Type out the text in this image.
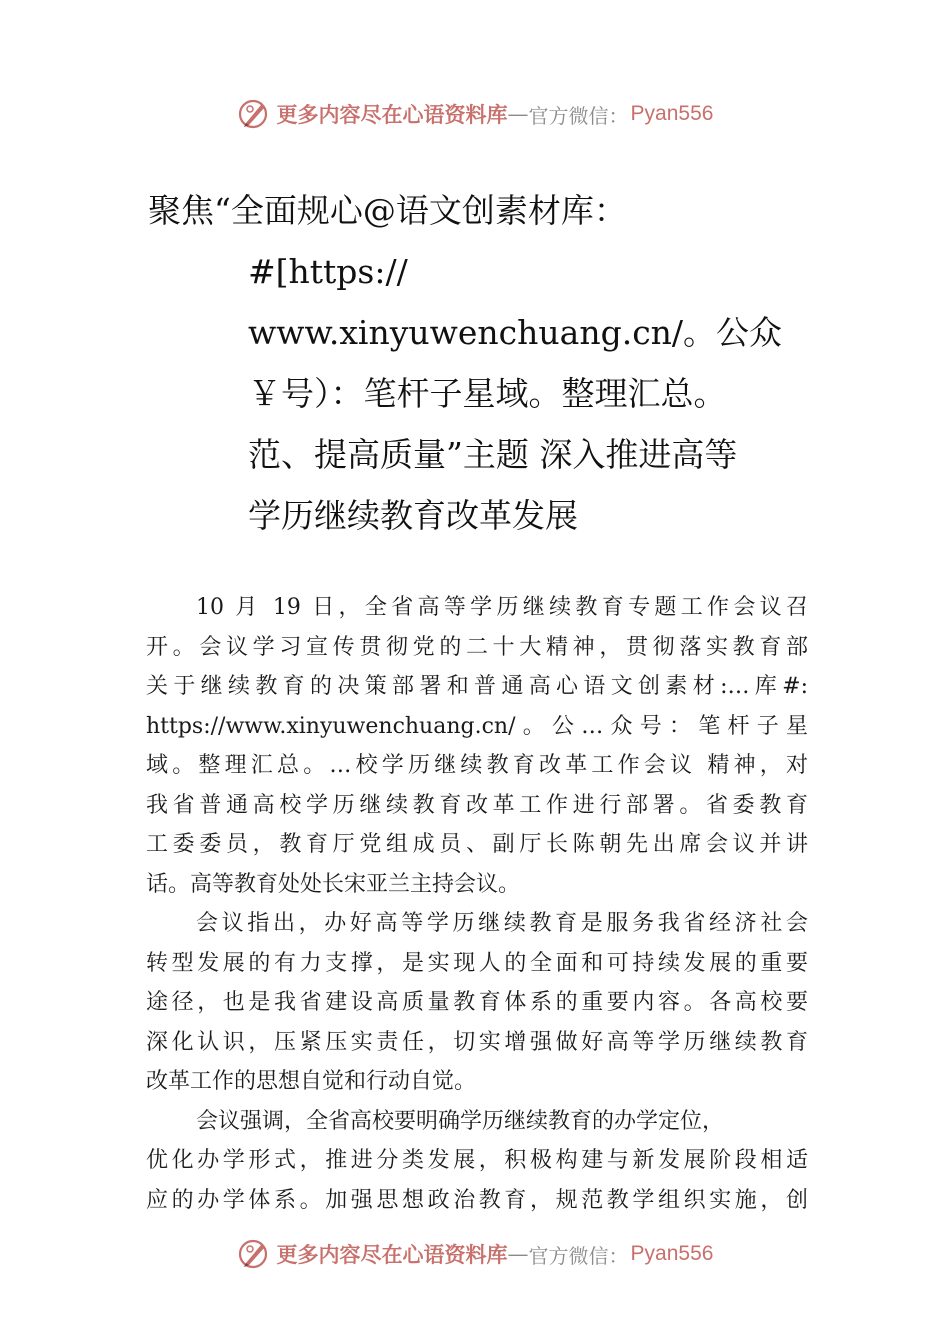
更多内容尽在心语资料库 — 官方微信： Pyan556
聚焦“全面规心@语文创素材库：
#[https://
www.xinyuwenchuang.cn/。公众
￥号）：笔杆子星域。整理汇总。
范、提高质量”主题 深入推进高等
学历继续教育改革发展
10 月 19 日，全省高等学历继续教育专题工作会议召
开。会议学习宣传贯彻党的二十大精神，贯彻落实教育部
关于继续教育的决策部署和普通高心语文创素材:…库#:
https://www.xinyuwenchuang.cn/。公…众号：笔杆子星
域。整理汇总。…校学历继续教育改革工作会议 精神，对
我省普通高校学历继续教育改革工作进行部署。省委教育
工委委员，教育厅党组成员、副厅长陈朝先出席会议并讲
话。高等教育处处长宋亚兰主持会议。
会议指出，办好高等学历继续教育是服务我省经济社会
转型发展的有力支撑，是实现人的全面和可持续发展的重要
途径，也是我省建设高质量教育体系的重要内容。各高校要
深化认识，压紧压实责任，切实增强做好高等学历继续教育
改革工作的思想自觉和行动自觉。
会议强调，全省高校要明确学历继续教育的办学定位，
优化办学形式，推进分类发展，积极构建与新发展阶段相适
应的办学体系。加强思想政治教育，规范教学组织实施，创
更多内容尽在心语资料库 — 官方微信： Pyan556
